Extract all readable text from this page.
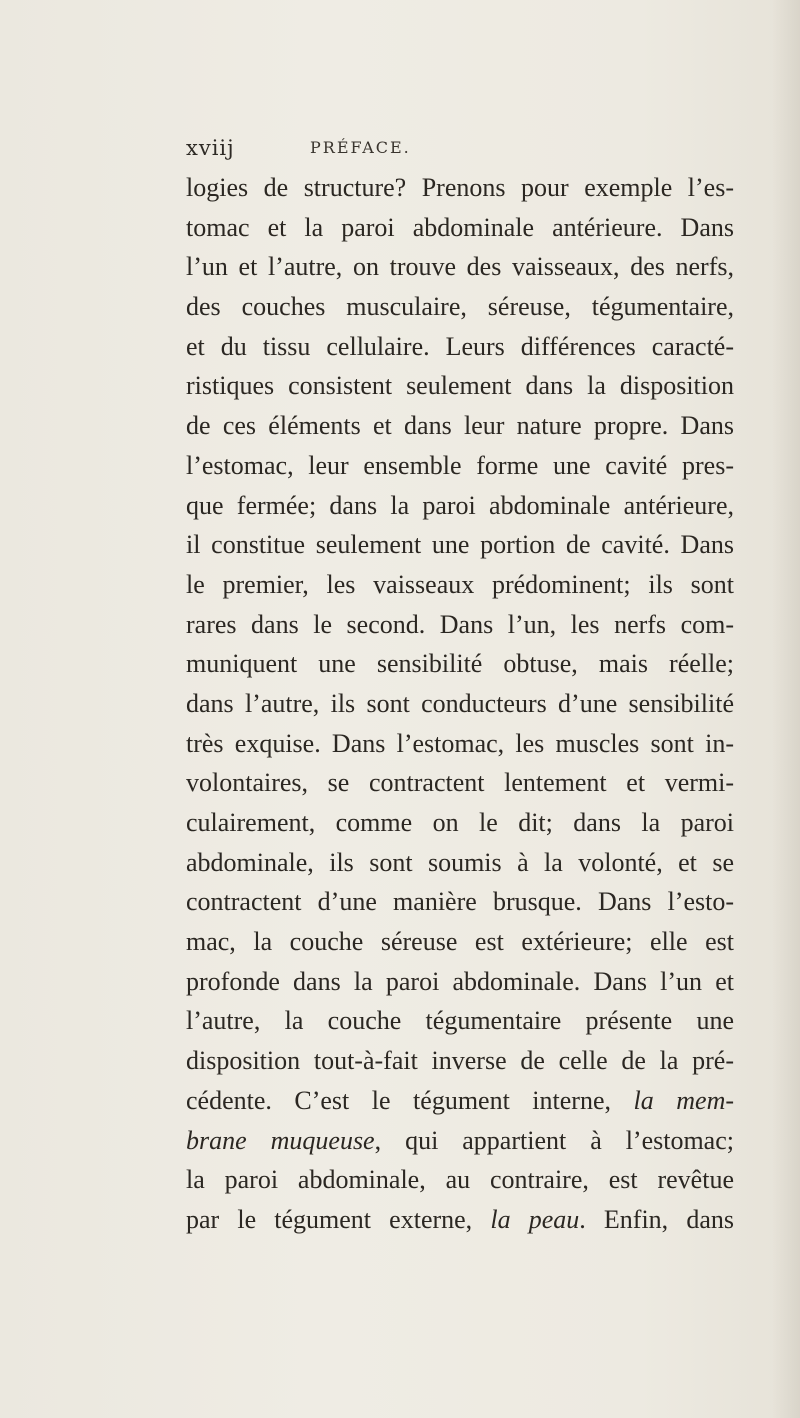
xviij	PRÉFACE.
logies de structure? Prenons pour exemple l’es-
tomac et la paroi abdominale antérieure. Dans
l’un et l’autre, on trouve des vaisseaux, des nerfs,
des couches musculaire, séreuse, tégumentaire,
et du tissu cellulaire. Leurs différences caracté-
ristiques consistent seulement dans la disposition
de ces éléments et dans leur nature propre. Dans
l’estomac, leur ensemble forme une cavité pres-
que fermée; dans la paroi abdominale antérieure,
il constitue seulement une portion de cavité. Dans
le premier, les vaisseaux prédominent; ils sont
rares dans le second. Dans l’un, les nerfs com-
muniquent une sensibilité obtuse, mais réelle;
dans l’autre, ils sont conducteurs d’une sensibilité
très exquise. Dans l’estomac, les muscles sont in-
volontaires, se contractent lentement et vermi-
culairement, comme on le dit; dans la paroi
abdominale, ils sont soumis à la volonté, et se
contractent d’une manière brusque. Dans l’esto-
mac, la couche séreuse est extérieure; elle est
profonde dans la paroi abdominale. Dans l’un et
l’autre, la couche tégumentaire présente une
disposition tout-à-fait inverse de celle de la pré-
cédente. C’est le tégument interne, la mem-
brane muqueuse, qui appartient à l’estomac;
la paroi abdominale, au contraire, est revêtue
par le tégument externe, la peau. Enfin, dans
